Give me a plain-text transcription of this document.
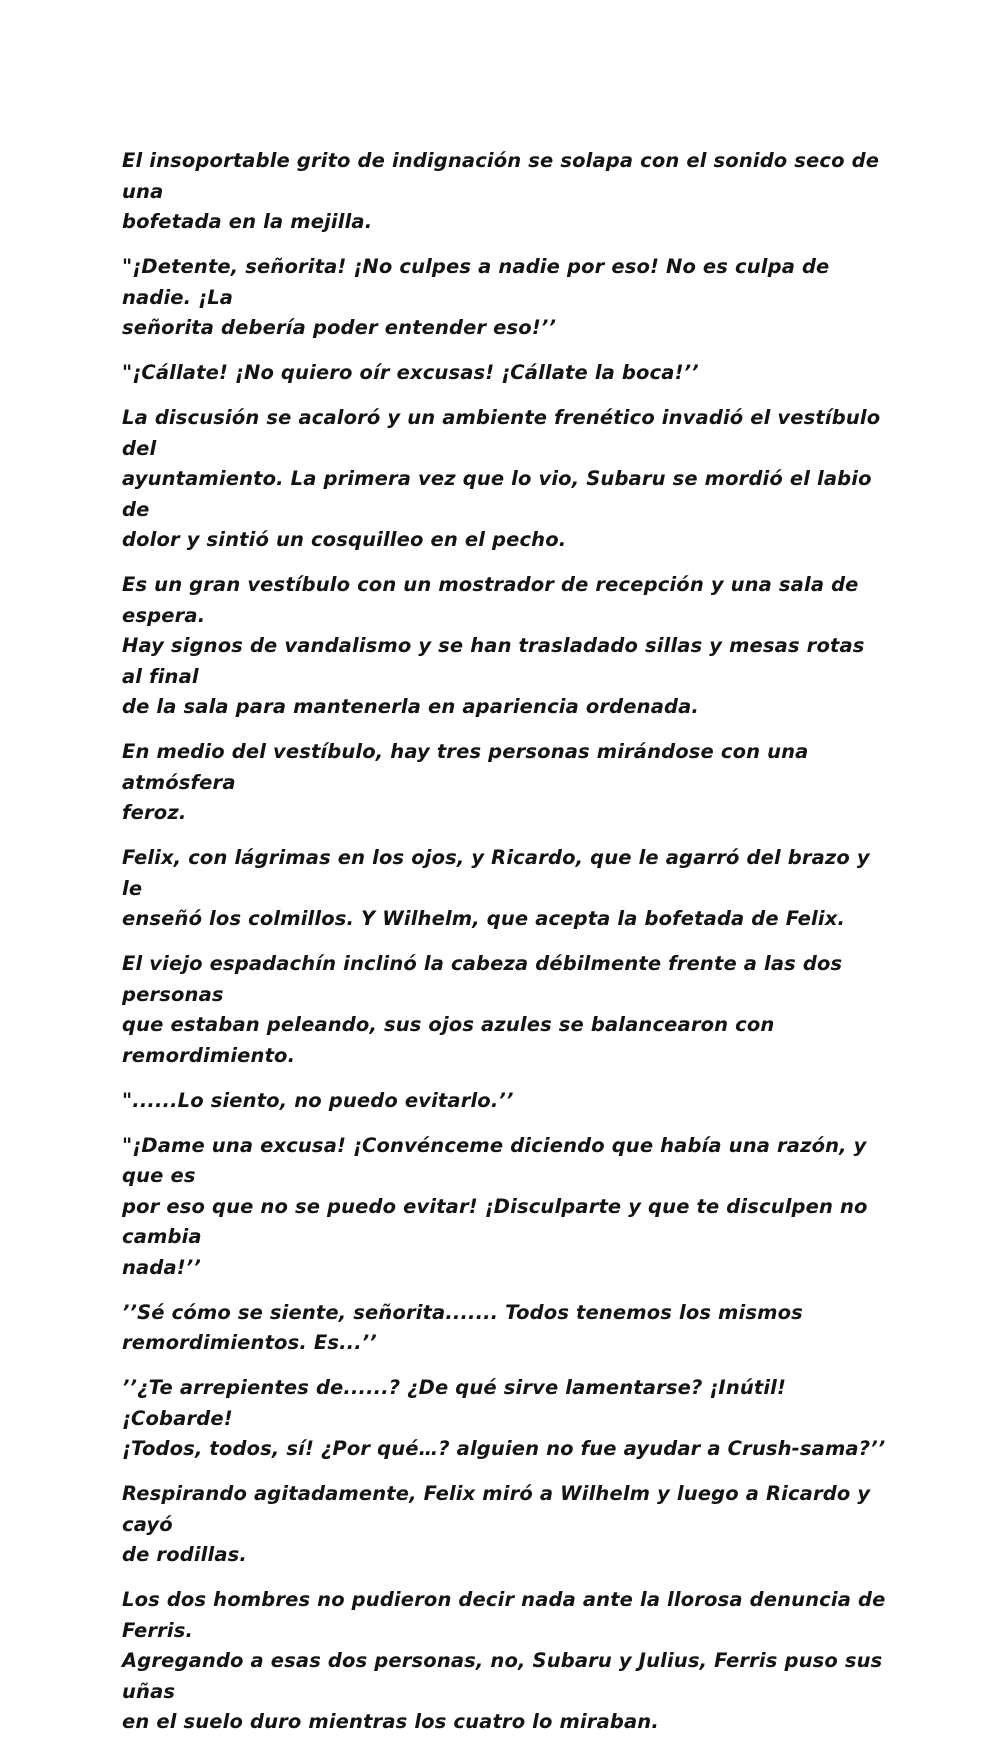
El insoportable grito de indignación se solapa con el sonido seco de una
bofetada en la mejilla.

"¡Detente, señorita! ¡No culpes a nadie por eso! No es culpa de nadie. ¡La
señorita debería poder entender eso!’’

"¡Cállate! ¡No quiero oír excusas! ¡Cállate la boca!’’

La discusión se acaloró y un ambiente frenético invadió el vestíbulo del
ayuntamiento. La primera vez que lo vio, Subaru se mordió el labio de
dolor y sintió un cosquilleo en el pecho.

Es un gran vestíbulo con un mostrador de recepción y una sala de espera.
Hay signos de vandalismo y se han trasladado sillas y mesas rotas al final
de la sala para mantenerla en apariencia ordenada.

En medio del vestíbulo, hay tres personas mirándose con una atmósfera
feroz.

Felix, con lágrimas en los ojos, y Ricardo, que le agarró del brazo y le
enseñó los colmillos. Y Wilhelm, que acepta la bofetada de Felix.

El viejo espadachín inclinó la cabeza débilmente frente a las dos personas
que estaban peleando, sus ojos azules se balancearon con remordimiento.

"......Lo siento, no puedo evitarlo.’’

"¡Dame una excusa! ¡Convénceme diciendo que había una razón, y que es
por eso que no se puedo evitar! ¡Disculparte y que te disculpen no cambia
nada!’’

’’Sé cómo se siente, señorita....... Todos tenemos los mismos
remordimientos. Es...’’

’’¿Te arrepientes de......? ¿De qué sirve lamentarse? ¡Inútil! ¡Cobarde!
¡Todos, todos, sí! ¿Por qué…? alguien no fue ayudar a Crush-sama?’’

Respirando agitadamente, Felix miró a Wilhelm y luego a Ricardo y cayó
de rodillas.

Los dos hombres no pudieron decir nada ante la llorosa denuncia de Ferris.
Agregando a esas dos personas, no, Subaru y Julius, Ferris puso sus uñas
en el suelo duro mientras los cuatro lo miraban.
